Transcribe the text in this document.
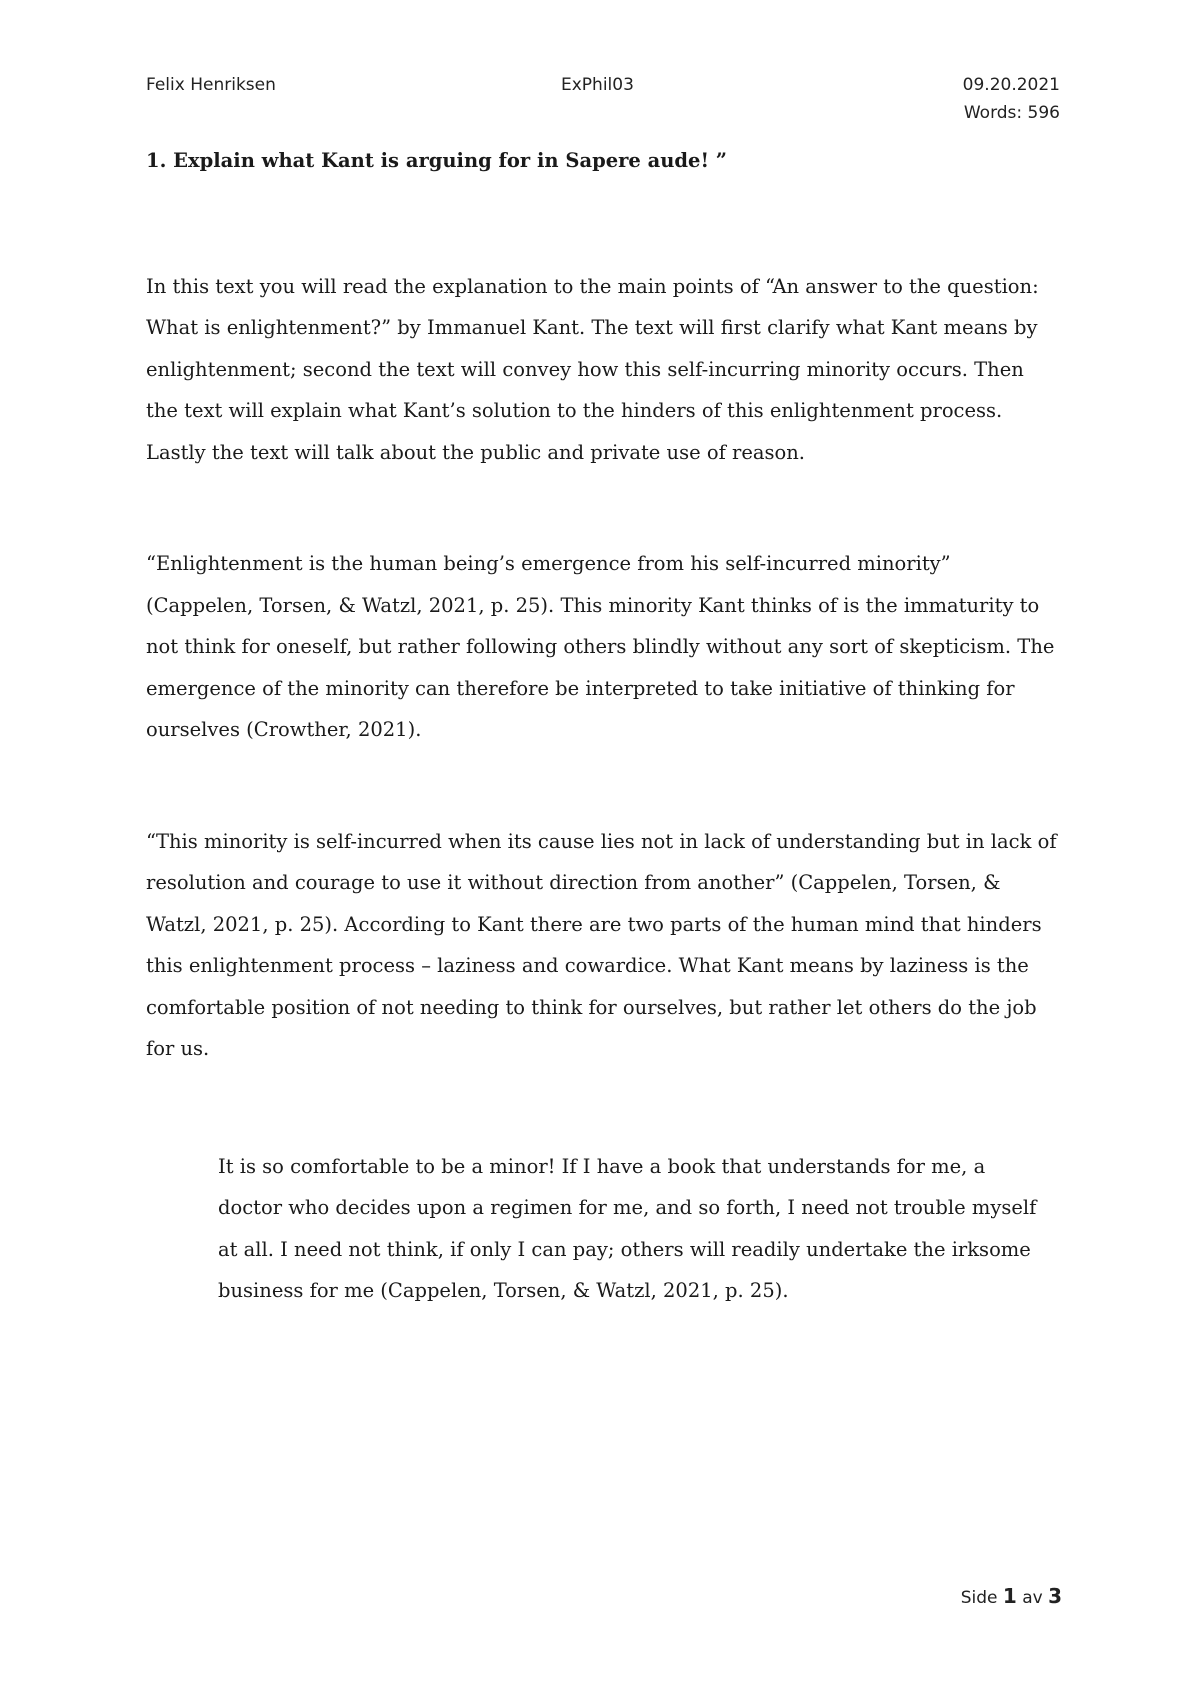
Felix Henriksen	ExPhil03	09.20.2021
Words: 596

1. Explain what Kant is arguing for in Sapere aude! ”

In this text you will read the explanation to the main points of “An answer to the question: What is enlightenment?” by Immanuel Kant. The text will first clarify what Kant means by enlightenment; second the text will convey how this self-incurring minority occurs. Then the text will explain what Kant’s solution to the hinders of this enlightenment process. Lastly the text will talk about the public and private use of reason.

“Enlightenment is the human being’s emergence from his self-incurred minority” (Cappelen, Torsen, & Watzl, 2021, p. 25). This minority Kant thinks of is the immaturity to not think for oneself, but rather following others blindly without any sort of skepticism. The emergence of the minority can therefore be interpreted to take initiative of thinking for ourselves (Crowther, 2021).

“This minority is self-incurred when its cause lies not in lack of understanding but in lack of resolution and courage to use it without direction from another” (Cappelen, Torsen, & Watzl, 2021, p. 25). According to Kant there are two parts of the human mind that hinders this enlightenment process – laziness and cowardice. What Kant means by laziness is the comfortable position of not needing to think for ourselves, but rather let others do the job for us.

It is so comfortable to be a minor! If I have a book that understands for me, a doctor who decides upon a regimen for me, and so forth, I need not trouble myself at all. I need not think, if only I can pay; others will readily undertake the irksome business for me (Cappelen, Torsen, & Watzl, 2021, p. 25).

Side 1 av 3
